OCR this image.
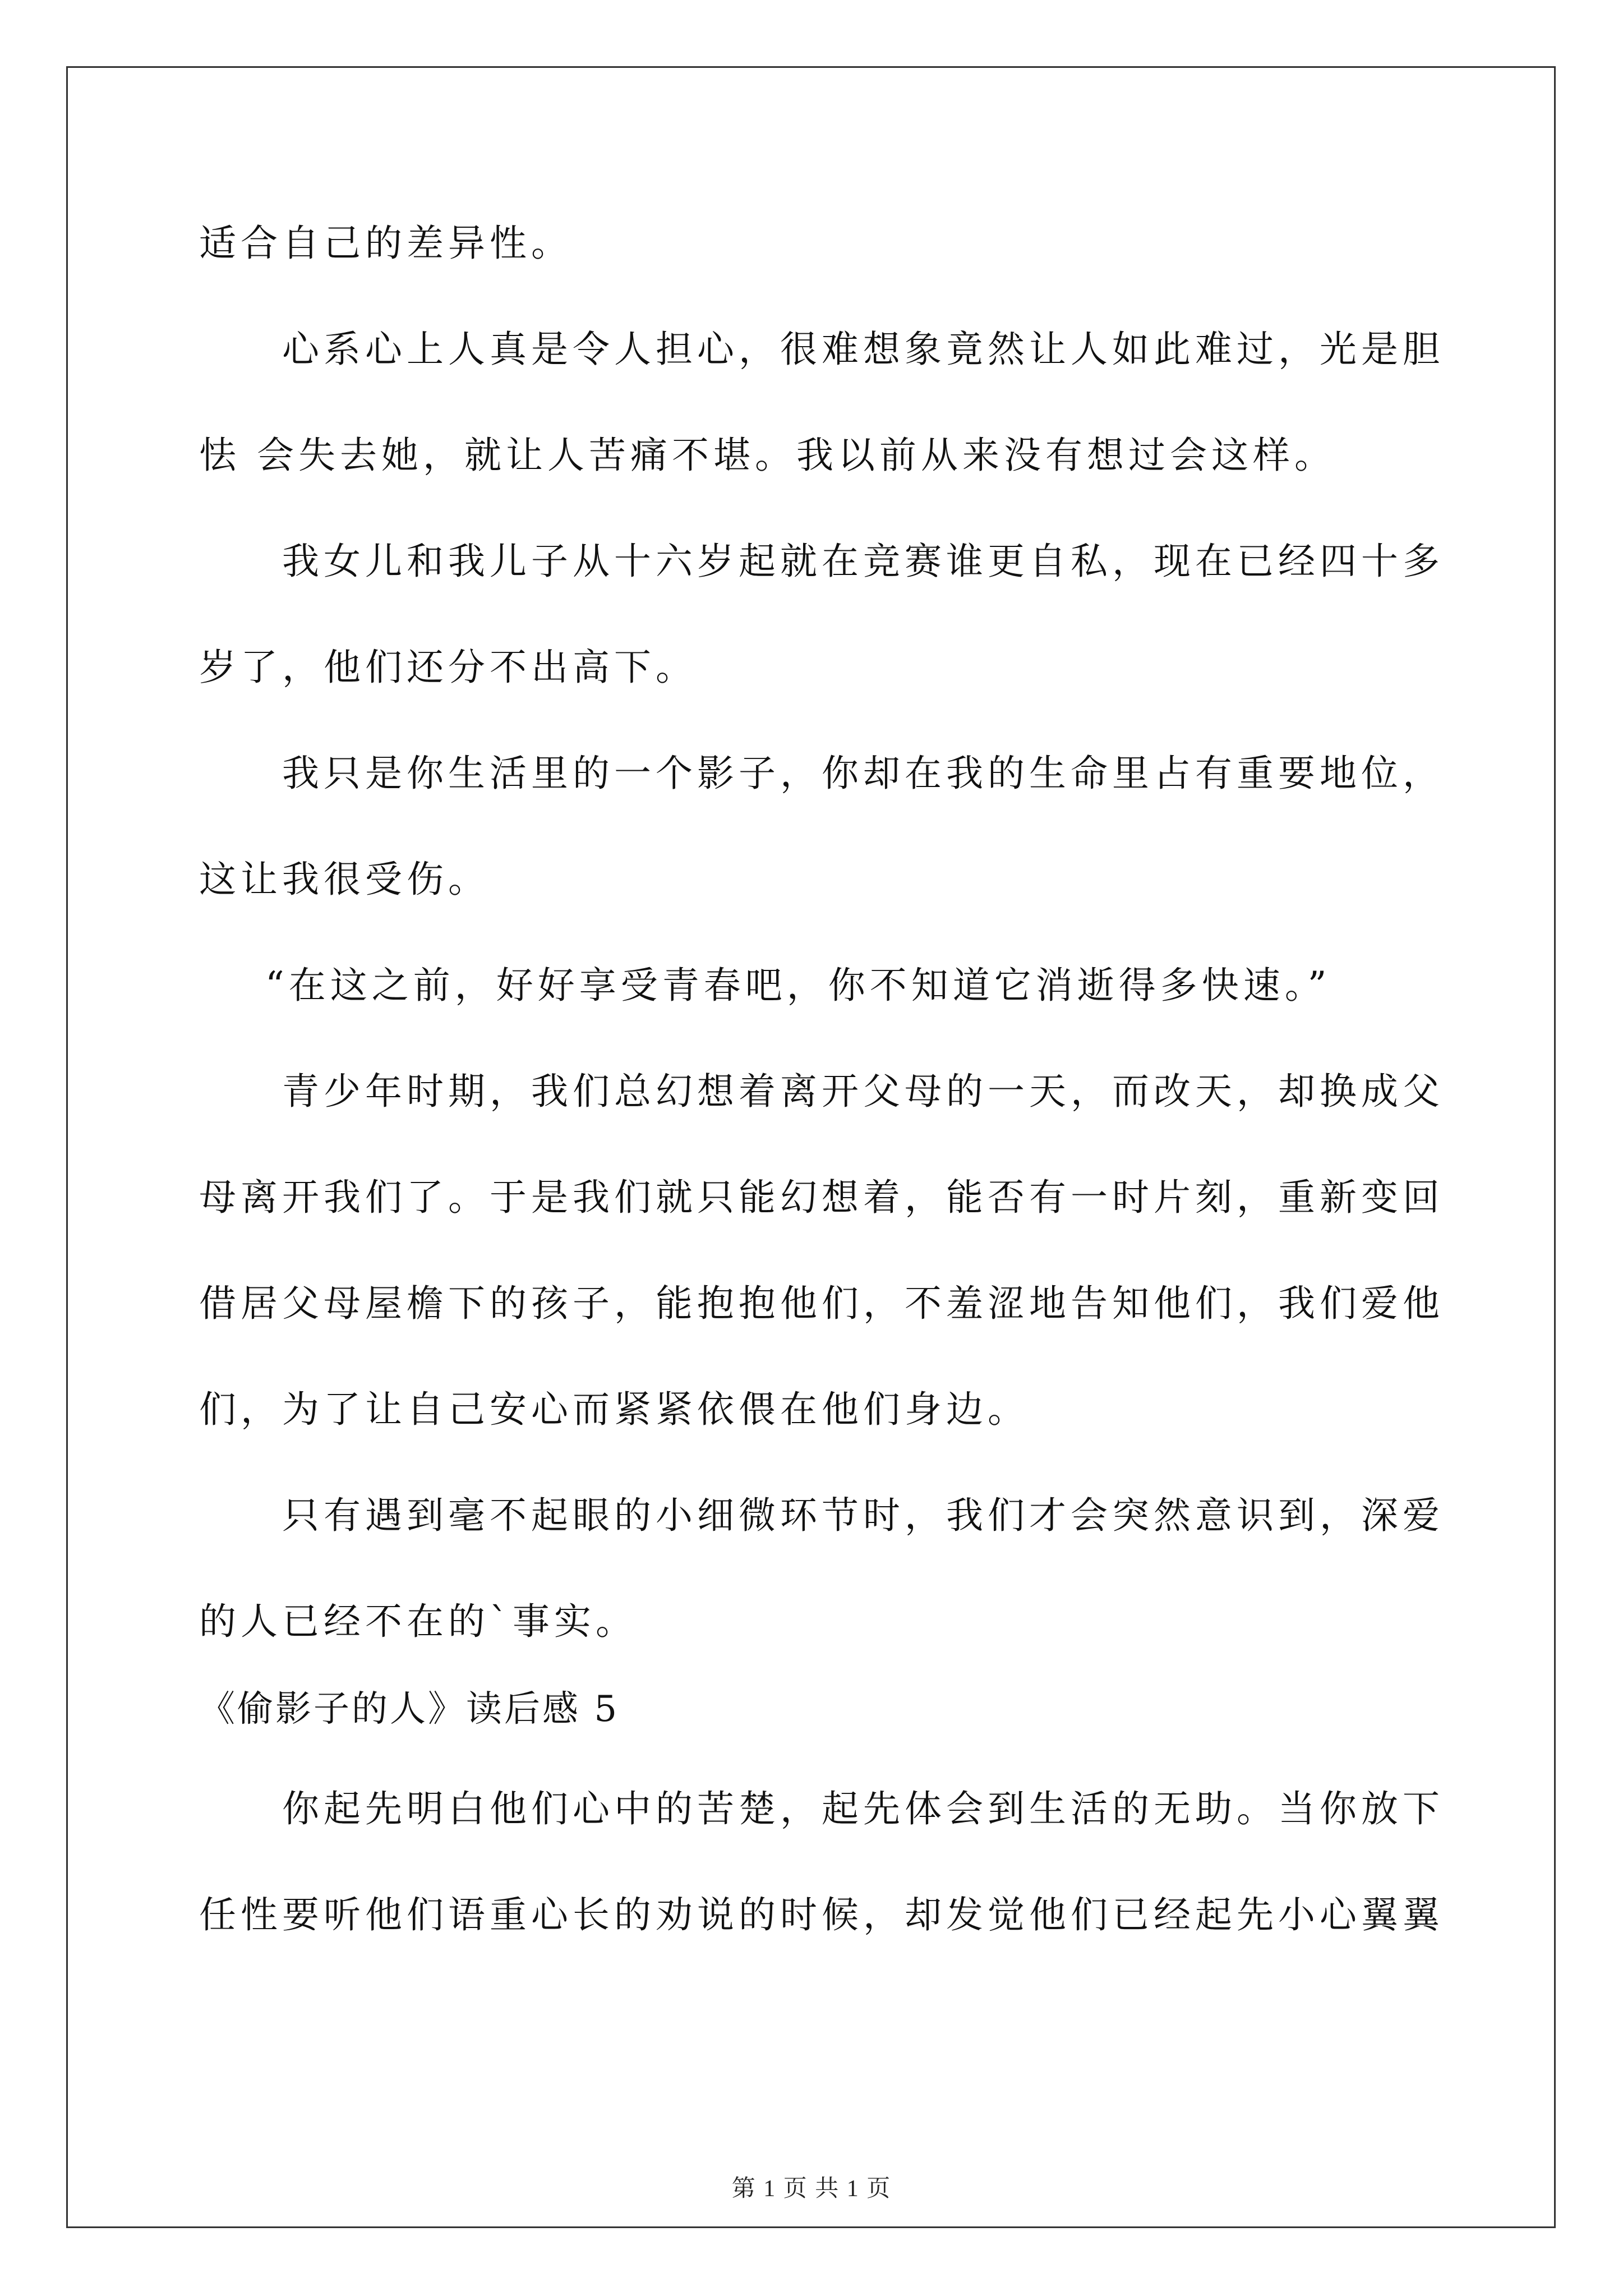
适合自己的差异性。

心系心上人真是令人担心，很难想象竟然让人如此难过，光是胆

怯 会失去她，就让人苦痛不堪。我以前从来没有想过会这样。

我女儿和我儿子从十六岁起就在竞赛谁更自私，现在已经四十多

岁了，他们还分不出高下。

我只是你生活里的一个影子，你却在我的生命里占有重要地位，

这让我很受伤。

“在这之前，好好享受青春吧，你不知道它消逝得多快速。”

青少年时期，我们总幻想着离开父母的一天，而改天，却换成父

母离开我们了。于是我们就只能幻想着，能否有一时片刻，重新变回

借居父母屋檐下的孩子，能抱抱他们，不羞涩地告知他们，我们爱他

们，为了让自己安心而紧紧依偎在他们身边。

只有遇到毫不起眼的小细微环节时，我们才会突然意识到，深爱

的人已经不在的`事实。

《偷影子的人》读后感 5

你起先明白他们心中的苦楚，起先体会到生活的无助。当你放下

任性要听他们语重心长的劝说的时候，却发觉他们已经起先小心翼翼

第 1 页 共 1 页
